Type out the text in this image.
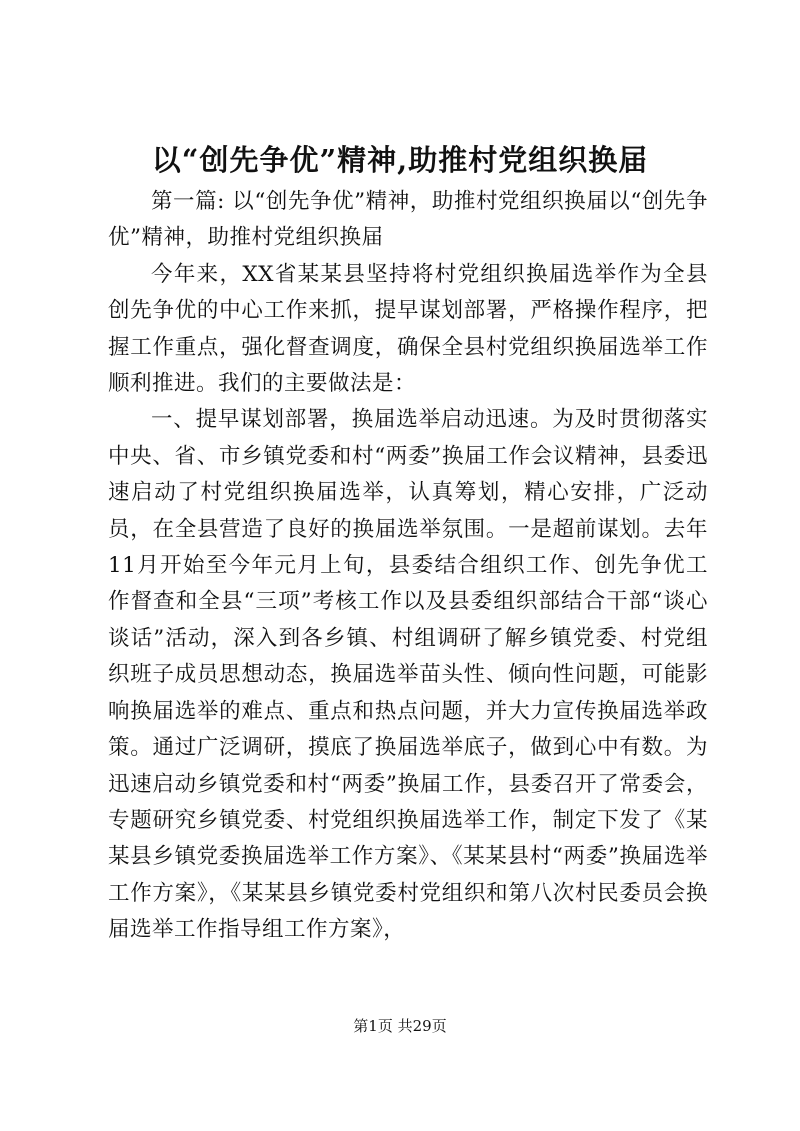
以“创先争优”精神,助推村党组织换届

第一篇: 以“创先争优”精神，助推村党组织换届以“创先争优”精神，助推村党组织换届

今年来，XX省某某县坚持将村党组织换届选举作为全县创先争优的中心工作来抓，提早谋划部署，严格操作程序，把握工作重点，强化督查调度，确保全县村党组织换届选举工作顺利推进。我们的主要做法是：

一、提早谋划部署，换届选举启动迅速。为及时贯彻落实中央、省、市乡镇党委和村“两委”换届工作会议精神，县委迅速启动了村党组织换届选举，认真筹划，精心安排，广泛动员，在全县营造了良好的换届选举氛围。一是超前谋划。去年11月开始至今年元月上旬，县委结合组织工作、创先争优工作督查和全县“三项”考核工作以及县委组织部结合干部“谈心谈话”活动，深入到各乡镇、村组调研了解乡镇党委、村党组织班子成员思想动态，换届选举苗头性、倾向性问题，可能影响换届选举的难点、重点和热点问题，并大力宣传换届选举政策。通过广泛调研，摸底了换届选举底子，做到心中有数。为迅速启动乡镇党委和村“两委”换届工作，县委召开了常委会，专题研究乡镇党委、村党组织换届选举工作，制定下发了《某某县乡镇党委换届选举工作方案》、《某某县村“两委”换届选举工作方案》，《某某县乡镇党委村党组织和第八次村民委员会换届选举工作指导组工作方案》，

第1页 共29页
